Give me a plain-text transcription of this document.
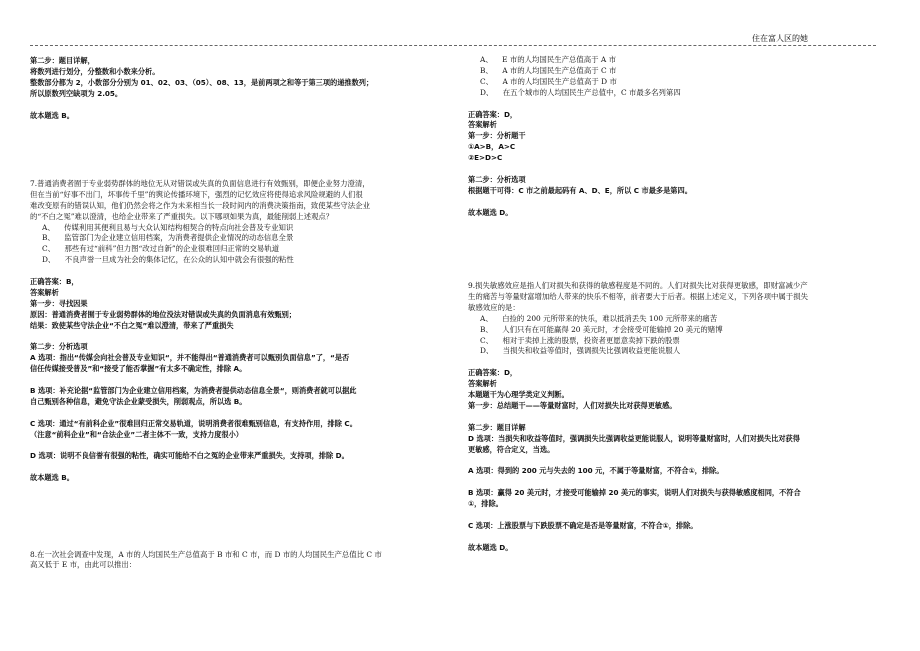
住在富人区的她

第二步：题目详解，

将数列进行划分，分整数和小数来分析。

整数部分都为 2，小数部分分别为 01、02、03、（05）、08、13，是前两项之和等于第三项的递推数列；

所以原数列空缺项为 2.05。

故本题选 B。

7.普通消费者囿于专业弱势群体的地位无从对错误或失真的负面信息进行有效甄别，即便企业努力澄清，

但在当前“好事不出门，坏事传千里”的舆论传播环境下，强烈的记忆效应将使得追求风险规避的人们很

难改变原有的错误认知，他们仍然会将之作为未来相当长一段时间内的消费决策指南，致使某些守法企业

的“不白之冤”难以澄清，也给企业带来了严重损失。以下哪项如果为真，最能削弱上述观点？

A、    传媒利用其便利且易与大众认知结构相契合的特点向社会普及专业知识

B、    监管部门为企业建立信用档案，为消费者提供企业情况的动态信息全景

C、    那些有过“前科”但力图“改过自新”的企业很难回归正常的交易轨道

D、    不良声誉一旦成为社会的集体记忆，在公众的认知中就会有很强的粘性

正确答案：B，

答案解析

第一步：寻找因果

原因：普通消费者囿于专业弱势群体的地位没法对错误或失真的负面消息有效甄别；

结果：致使某些守法企业“不白之冤”难以澄清，带来了严重损失

第二步：分析选项

A 选项：指出“传媒会向社会普及专业知识“，并不能得出“普通消费者可以甄别负面信息”了，“是否

信任传媒接受普及”和“接受了能否掌握”有太多不确定性，排除 A。

B 选项：补充论据“监管部门为企业建立信用档案，为消费者提供动态信息全景“，则消费者就可以据此

自己甄别各种信息，避免守法企业蒙受损失，削弱观点，所以选 B。

C 选项：通过“有前科企业”很难回归正常交易轨道，说明消费者很难甄别信息，有支持作用，排除 C。

（注意“前科企业”和“合法企业”二者主体不一致，支持力度很小）

D 选项：说明不良信誉有很强的粘性，确实可能给不白之冤的企业带来严重损失，支持项，排除 D。

故本题选 B。

8.在一次社会调查中发现，A 市的人均国民生产总值高于 B 市和 C 市，而 D 市的人均国民生产总值比 C 市

高又低于 E 市，由此可以推出：

A、    E 市的人均国民生产总值高于 A 市

B、    A 市的人均国民生产总值高于 C 市

C、    A 市的人均国民生产总值高于 D 市

D、    在五个城市的人均国民生产总值中，C 市最多名列第四

正确答案：D，

答案解析

第一步：分析题干

①A>B，A>C

②E>D>C

第二步：分析选项

根据题干可得：C 市之前最起码有 A、D、E，所以 C 市最多是第四。

故本题选 D。

9.损失敏感效应是指人们对损失和获得的敏感程度是不同的。人们对损失比对获得更敏感，即财富减少产

生的痛苦与等量财富增加给人带来的快乐不相等，前者要大于后者。根据上述定义，下列各项中属于损失

敏感效应的是：

A、    白捡的 200 元所带来的快乐，难以抵消丢失 100 元所带来的痛苦

B、    人们只有在可能赢得 20 美元时，才会接受可能输掉 20 美元的赌博

C、    相对于卖掉上涨的股票，投资者更愿意卖掉下跌的股票

D、    当损失和收益等值时，强调损失比强调收益更能说服人

正确答案：D，

答案解析

本题题干为心理学类定义判断。

第一步：总结题干——等量财富时，人们对损失比对获得更敏感。

第二步：题目详解

D 选项：当损失和收益等值时，强调损失比强调收益更能说服人，说明等量财富时，人们对损失比对获得

更敏感，符合定义，当选。

A 选项：得到的 200 元与失去的 100 元，不属于等量财富，不符合①，排除。

B 选项：赢得 20 美元时，才接受可能输掉 20 美元的事实，说明人们对损失与获得敏感度相同，不符合

①，排除。

C 选项：上涨股票与下跌股票不确定是否是等量财富，不符合①，排除。

故本题选 D。
